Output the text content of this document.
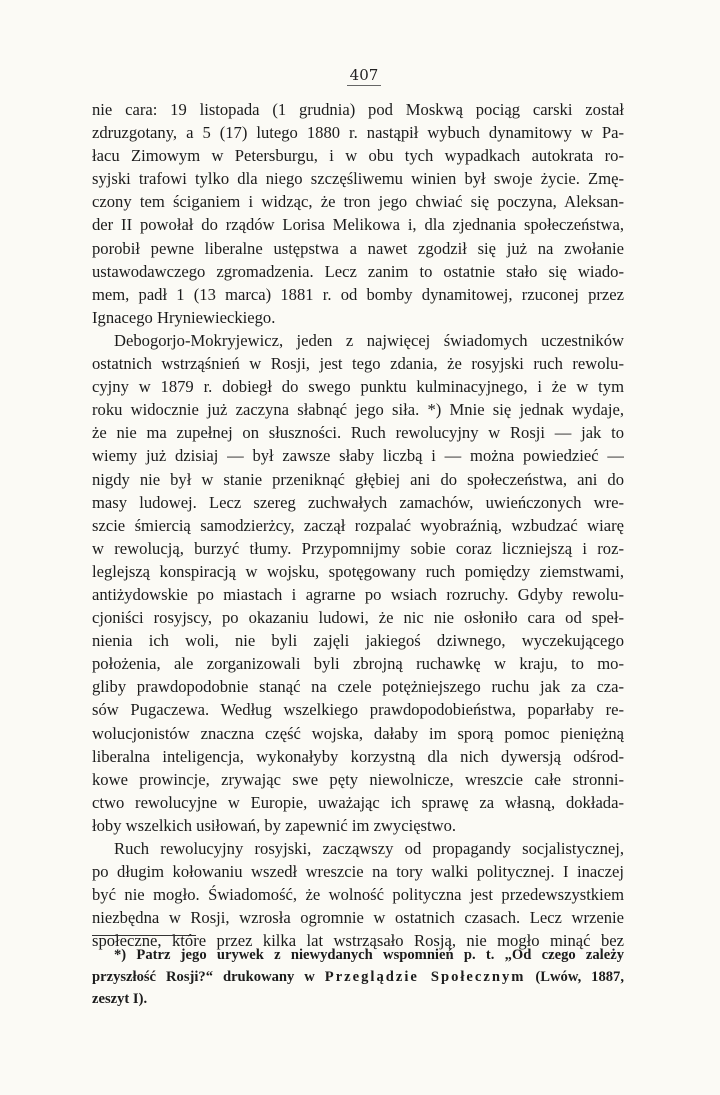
407
nie cara: 19 listopada (1 grudnia) pod Moskwą pociąg carski został
zdruzgotany, a 5 (17) lutego 1880 r. nastąpił wybuch dynamitowy w Pa-
łacu Zimowym w Petersburgu, i w obu tych wypadkach autokrata ro-
syjski trafowi tylko dla niego szczęśliwemu winien był swoje życie. Zmę-
czony tem ściganiem i widząc, że tron jego chwiać się poczyna, Aleksan-
der II powołał do rządów Lorisa Melikowa i, dla zjednania społeczeństwa,
porobił pewne liberalne ustępstwa a nawet zgodził się już na zwołanie
ustawodawczego zgromadzenia. Lecz zanim to ostatnie stało się wiado-
mem, padł 1 (13 marca) 1881 r. od bomby dynamitowej, rzuconej przez
Ignacego Hryniewieckiego.
Debogorjo-Mokryjewicz, jeden z najwięcej świadomych uczestników
ostatnich wstrząśnień w Rosji, jest tego zdania, że rosyjski ruch rewolu-
cyjny w 1879 r. dobiegł do swego punktu kulminacyjnego, i że w tym
roku widocznie już zaczyna słabnąć jego siła. *) Mnie się jednak wydaje,
że nie ma zupełnej on słuszności. Ruch rewolucyjny w Rosji — jak to
wiemy już dzisiaj — był zawsze słaby liczbą i — można powiedzieć —
nigdy nie był w stanie przeniknąć głębiej ani do społeczeństwa, ani do
masy ludowej. Lecz szereg zuchwałych zamachów, uwieńczonych wre-
szcie śmiercią samodzierżcy, zaczął rozpalać wyobraźnią, wzbudzać wiarę
w rewolucją, burzyć tłumy. Przypomnijmy sobie coraz liczniejszą i roz-
leglejszą konspiracją w wojsku, spotęgowany ruch pomiędzy ziemstwami,
antiżydowskie po miastach i agrarne po wsiach rozruchy. Gdyby rewolu-
cjoniści rosyjscy, po okazaniu ludowi, że nic nie osłoniło cara od speł-
nienia ich woli, nie byli zajęli jakiegoś dziwnego, wyczekującego
położenia, ale zorganizowali byli zbrojną ruchawkę w kraju, to mo-
gliby prawdopodobnie stanąć na czele potężniejszego ruchu jak za cza-
sów Pugaczewa. Według wszelkiego prawdopodobieństwa, poparłaby re-
wolucjonistów znaczna część wojska, dałaby im sporą pomoc pieniężną
liberalna inteligencja, wykonałyby korzystną dla nich dywersją odśrod-
kowe prowincje, zrywając swe pęty niewolnicze, wreszcie całe stronni-
ctwo rewolucyjne w Europie, uważając ich sprawę za własną, dokłada-
łoby wszelkich usiłowań, by zapewnić im zwycięstwo.
Ruch rewolucyjny rosyjski, zacząwszy od propagandy socjalistycznej,
po długim kołowaniu wszedł wreszcie na tory walki politycznej. I inaczej
być nie mogło. Świadomość, że wolność polityczna jest przedewszystkiem
niezbędna w Rosji, wzrosła ogromnie w ostatnich czasach. Lecz wrzenie
społeczne, które przez kilka lat wstrząsało Rosją, nie mogło minąć bez
*) Patrz jego urywek z niewydanych wspomnień p. t. „Od czego zależy
przyszłość Rosji?“ drukowany w Przeglądzie Społecznym (Lwów, 1887,
zeszyt I).
